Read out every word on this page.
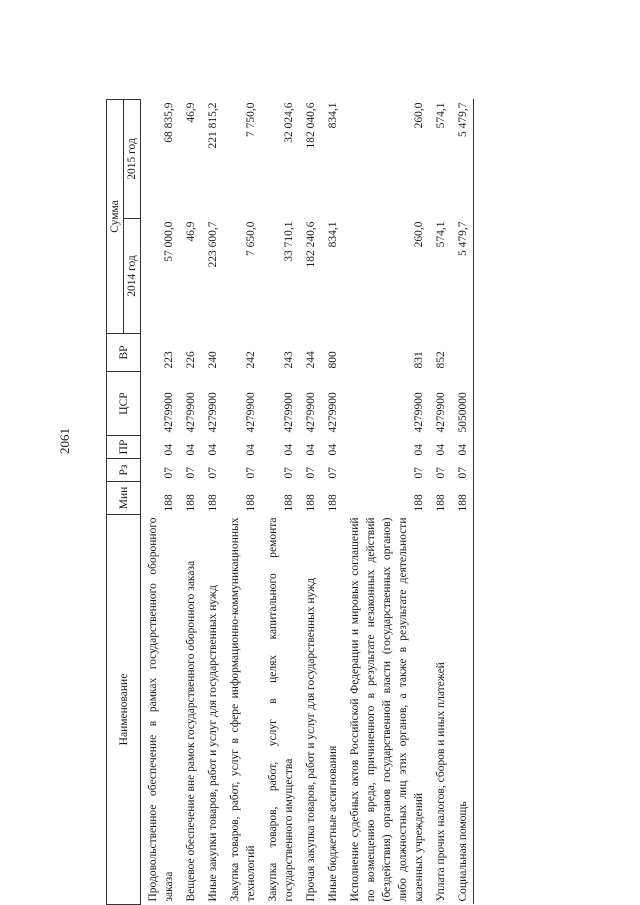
2061
Наименование	Мин	Рз	ПР	ЦСР	ВР	Сумма	
						2014 год	2015 год
Продовольственное обеспечение в рамках государственного оборонного заказа	188	07	04	4279900	223	57 000,0	68 835,9
Вещевое обеспечение вне рамок государственного оборонного заказа	188	07	04	4279900	226	46,9	46,9
Иные закупки товаров, работ и услуг для государственных нужд	188	07	04	4279900	240	223 600,7	221 815,2
Закупка товаров, работ, услуг в сфере информационно-коммуникационных технологий	188	07	04	4279900	242	7 650,0	7 750,0
Закупка товаров, работ, услуг в целях капитального ремонта государственного имущества	188	07	04	4279900	243	33 710,1	32 024,6
Прочая закупка товаров, работ и услуг для государственных нужд	188	07	04	4279900	244	182 240,6	182 040,6
Иные бюджетные ассигнования	188	07	04	4279900	800	834,1	834,1
Исполнение судебных актов Российской Федерации и мировых соглашений по возмещению вреда, причиненного в результате незаконных действий (бездействия) органов государственной власти (государственных органов) либо должностных лиц этих органов, а также в результате деятельности казенных учреждений	188	07	04	4279900	831	260,0	260,0
Уплата прочих налогов, сборов и иных платежей	188	07	04	4279900	852	574,1	574,1
Социальная помощь	188	07	04	5050000		5 479,7	5 479,7
